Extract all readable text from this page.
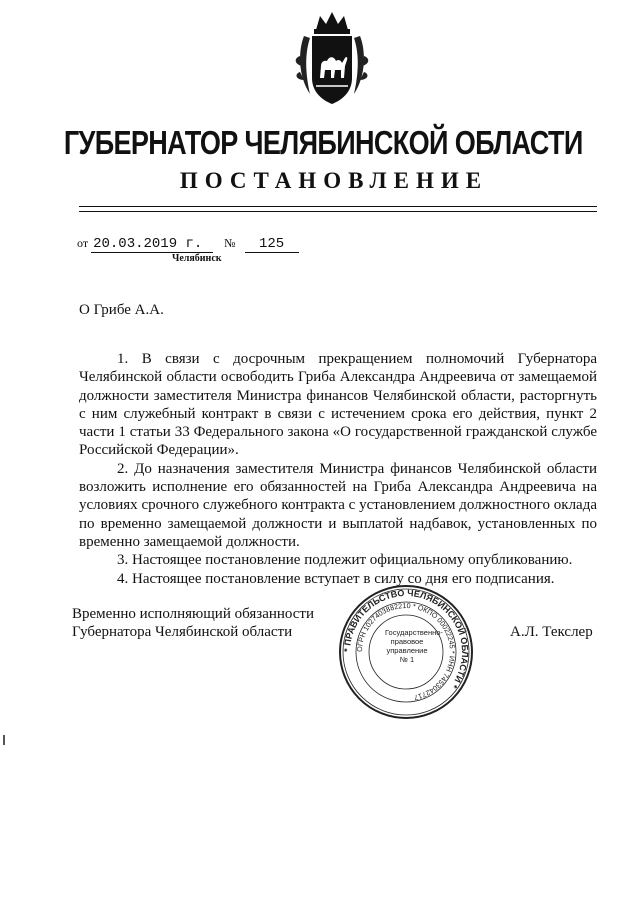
ГУБЕРНАТОР ЧЕЛЯБИНСКОЙ ОБЛАСТИ
ПОСТАНОВЛЕНИЕ
от 20.03.2019 г. № 125
Челябинск
О Грибе А.А.

1. В связи с досрочным прекращением полномочий Губернатора Челябинской области освободить Гриба Александра Андреевича от замещаемой должности заместителя Министра финансов Челябинской области, расторгнуть с ним служебный контракт в связи с истечением срока его действия, пункт 2 части 1 статьи 33 Федерального закона «О государственной гражданской службе Российской Федерации».

2. До назначения заместителя Министра финансов Челябинской области возложить исполнение его обязанностей на Гриба Александра Андреевича на условиях срочного служебного контракта с установлением должностного оклада по временно замещаемой должности и выплатой надбавок, установленных по временно замещаемой должности.

3. Настоящее постановление подлежит официальному опубликованию.

4. Настоящее постановление вступает в силу со дня его подписания.

Временно исполняющий обязанности
Губернатора Челябинской области
* ПРАВИТЕЛЬСТВО ЧЕЛЯБИНСКОЙ ОБЛАСТИ *
ОГРН 1027403882210 * ОКПО 00022245 * ИНН 7453042717
Государственно-
правовое
управление
№ 1
А.Л. Текслер
